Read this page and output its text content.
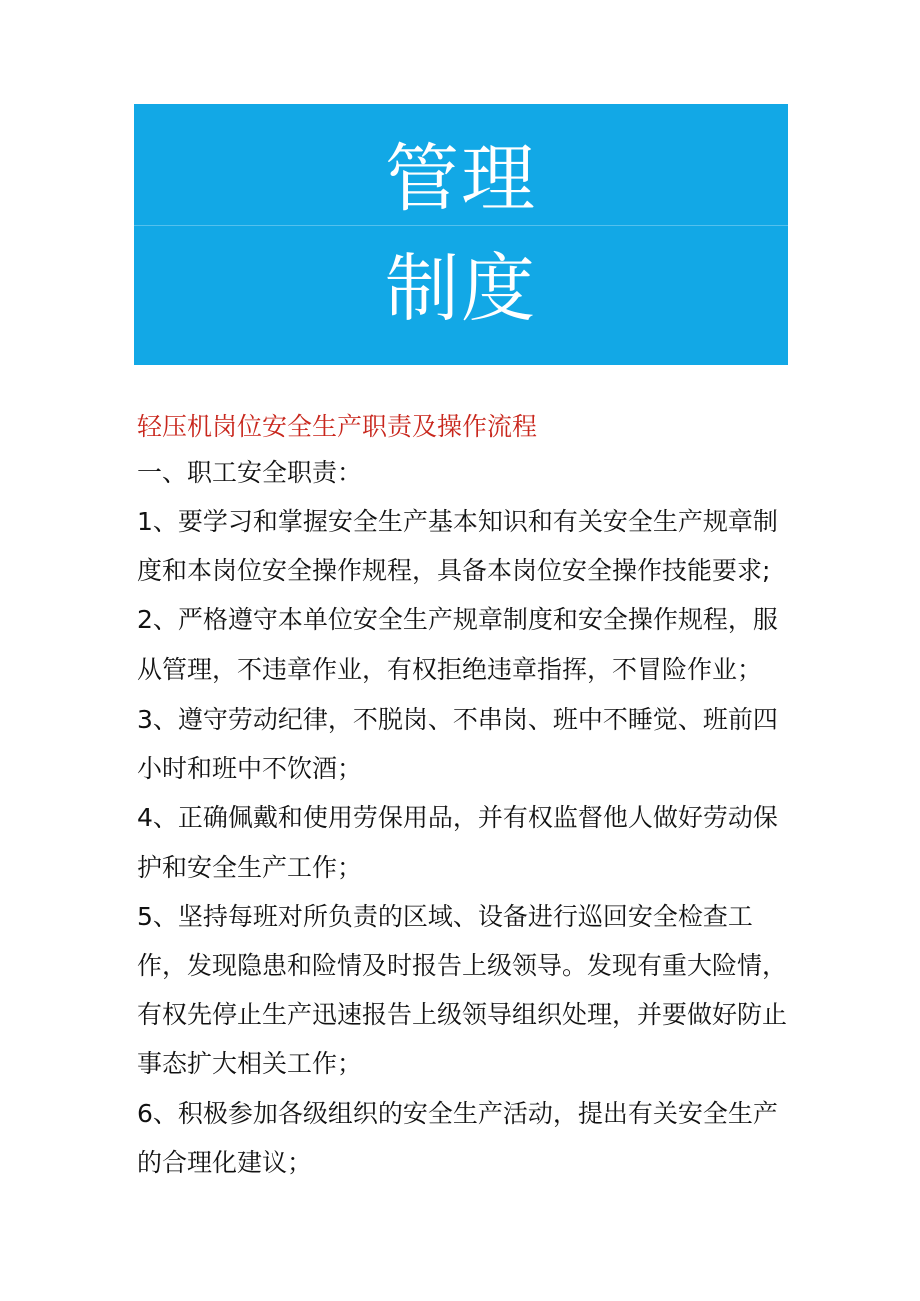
管理
制度
轻压机岗位安全生产职责及操作流程
一、职工安全职责：
1、要学习和掌握安全生产基本知识和有关安全生产规章制
度和本岗位安全操作规程，具备本岗位安全操作技能要求;
2、严格遵守本单位安全生产规章制度和安全操作规程，服
从管理，不违章作业，有权拒绝违章指挥，不冒险作业；
3、遵守劳动纪律，不脱岗、不串岗、班中不睡觉、班前四
小时和班中不饮酒；
4、正确佩戴和使用劳保用品，并有权监督他人做好劳动保
护和安全生产工作；
5、坚持每班对所负责的区域、设备进行巡回安全检查工
作，发现隐患和险情及时报告上级领导。发现有重大险情，
有权先停止生产迅速报告上级领导组织处理，并要做好防止
事态扩大相关工作；
6、积极参加各级组织的安全生产活动，提出有关安全生产
的合理化建议；
